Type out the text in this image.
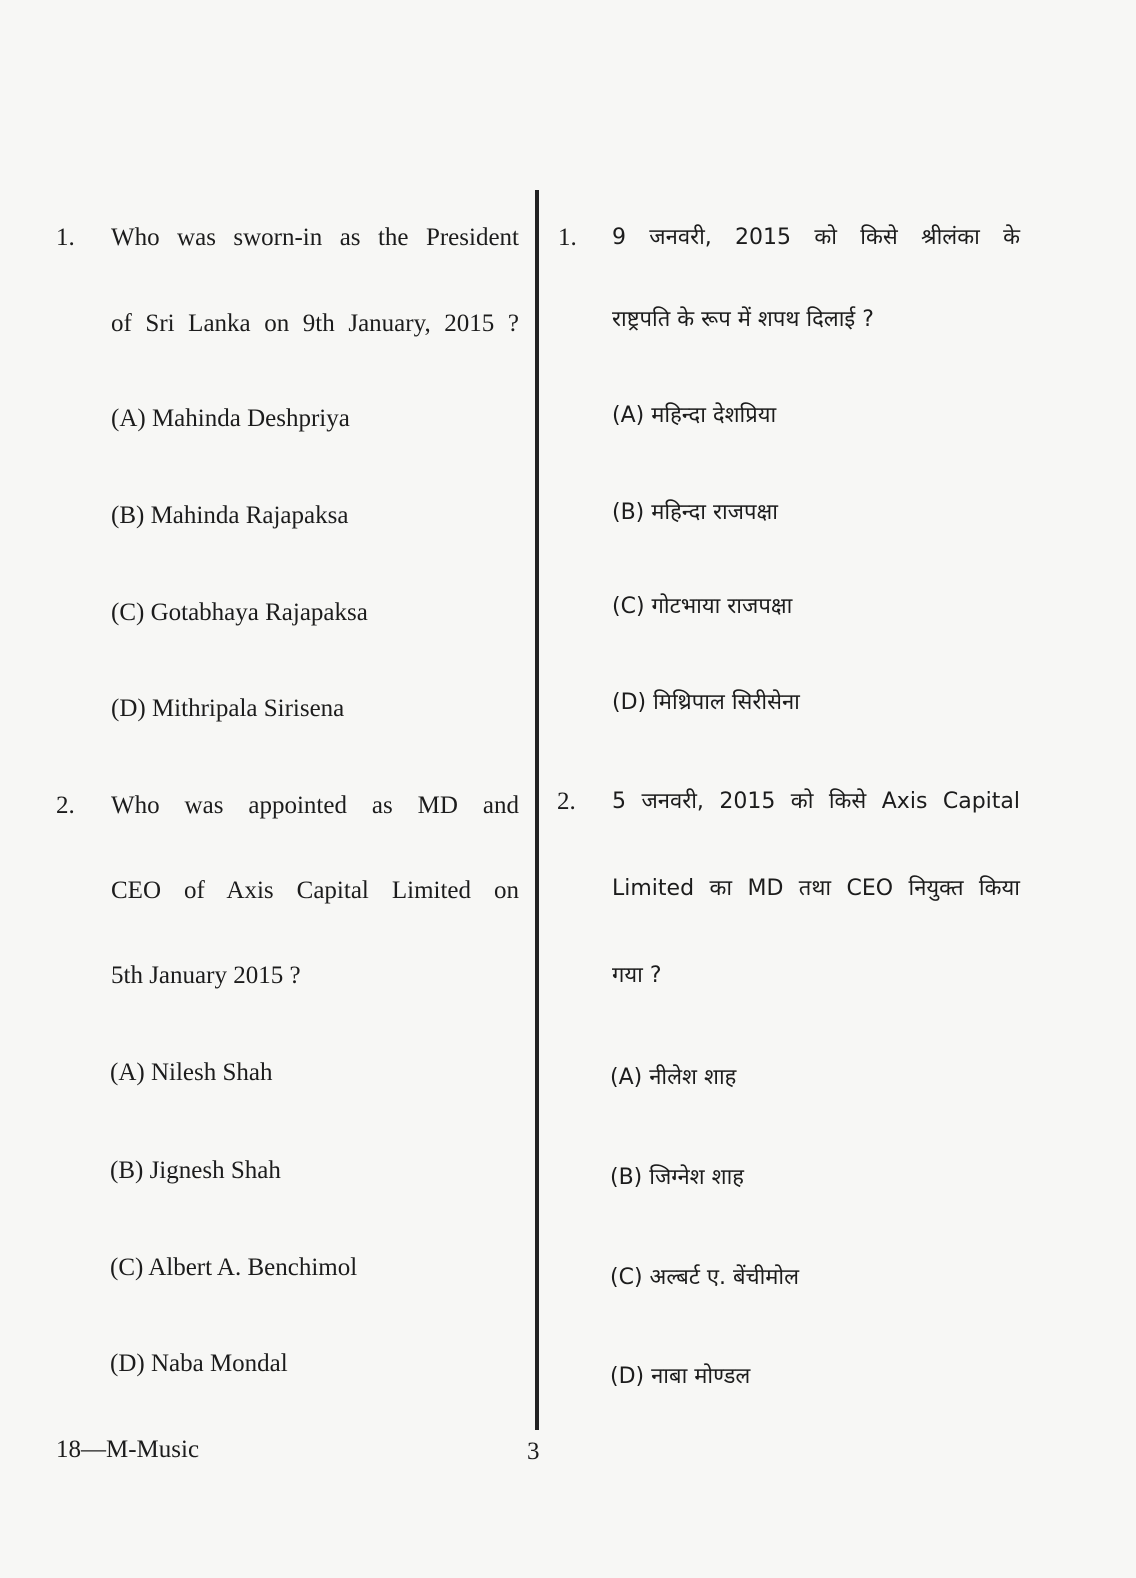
1. Who was sworn-in as the President
of Sri Lanka on 9th January, 2015 ?
(A) Mahinda Deshpriya
(B) Mahinda Rajapaksa
(C) Gotabhaya Rajapaksa
(D) Mithripala Sirisena
2. Who was appointed as MD and
CEO of Axis Capital Limited on
5th January 2015 ?
(A) Nilesh Shah
(B) Jignesh Shah
(C) Albert A. Benchimol
(D) Naba Mondal
1. 9 जनवरी, 2015 को किसे श्रीलंका के
राष्ट्रपति के रूप में शपथ दिलाई ?
(A) महिन्दा देशप्रिया
(B) महिन्दा राजपक्षा
(C) गोटभाया राजपक्षा
(D) मिथ्रिपाल सिरीसेना
2. 5 जनवरी, 2015 को किसे Axis Capital
Limited का MD तथा CEO नियुक्त किया
गया ?
(A) नीलेश शाह
(B) जिग्नेश शाह
(C) अल्बर्ट ए. बेंचीमोल
(D) नाबा मोण्डल
18—M-Music	3
